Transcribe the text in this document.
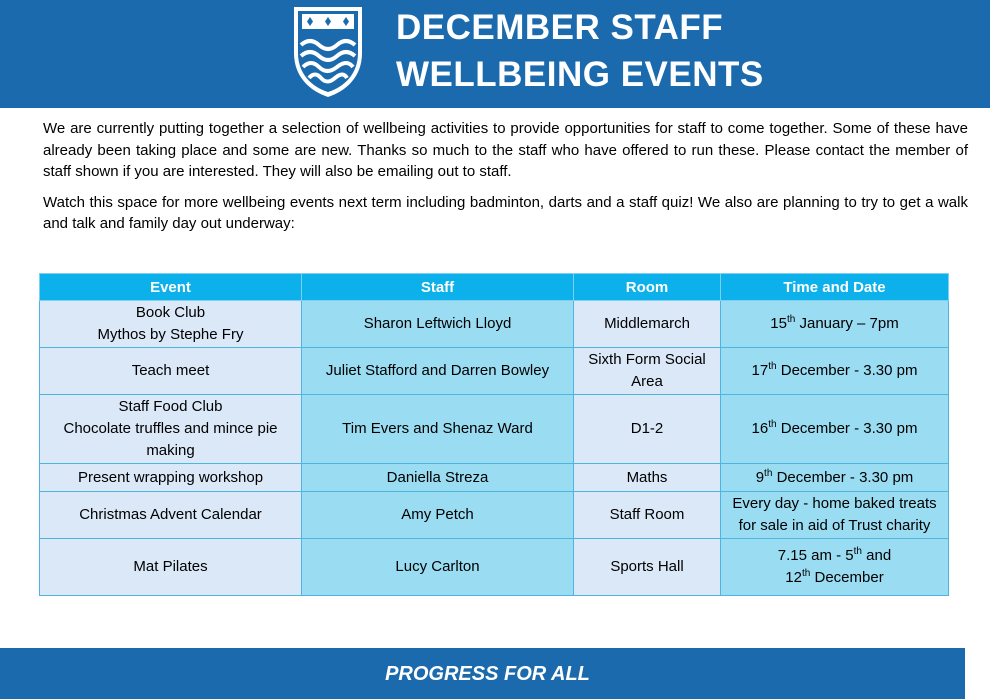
DECEMBER STAFF
WELLBEING EVENTS

We are currently putting together a selection of wellbeing activities to provide opportunities for staff to come together. Some of these have already been taking place and some are new. Thanks so much to the staff who have offered to run these. Please contact the member of staff shown if you are interested. They will also be emailing out to staff.

Watch this space for more wellbeing events next term including badminton, darts and a staff quiz! We also are planning to try to get a walk and talk and family day out underway:

Event	Staff	Room	Time and Date

Book Club
Mythos by Stephe Fry	Sharon Leftwich Lloyd	Middlemarch	15th January – 7pm

Teach meet	Juliet Stafford and Darren Bowley	Sixth Form Social
Area	17th December - 3.30 pm

Staff Food Club
Chocolate truffles and mince pie
making	Tim Evers and Shenaz Ward	D1-2	16th December - 3.30 pm

Present wrapping workshop	Daniella Streza	Maths	9th December - 3.30 pm

Christmas Advent Calendar	Amy Petch	Staff Room	Every day - home baked treats
for sale in aid of Trust charity

Mat Pilates	Lucy Carlton	Sports Hall	7.15 am - 5th and
12th December
PROGRESS FOR ALL
